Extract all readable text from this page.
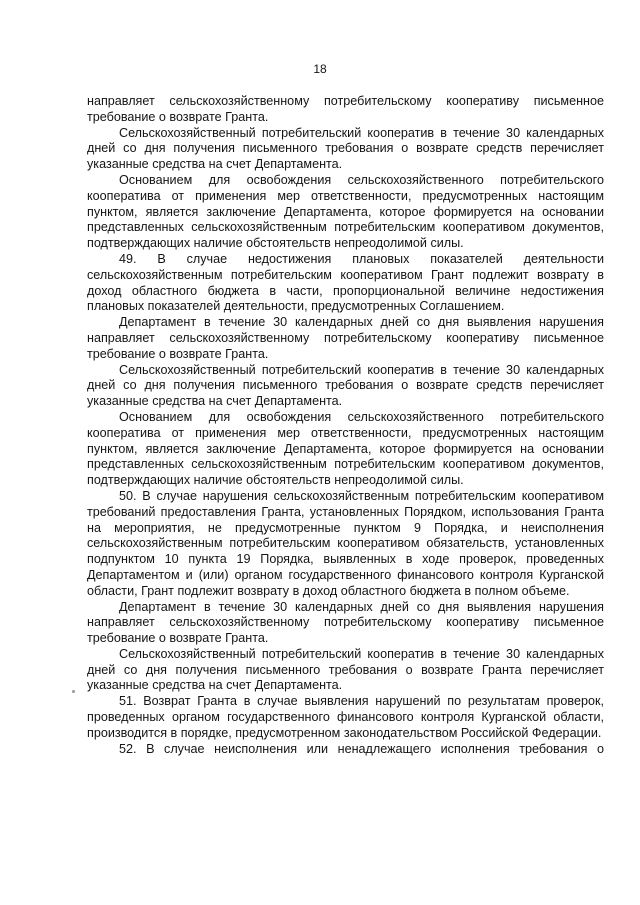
18

направляет сельскохозяйственному потребительскому кооперативу письменное требование о возврате Гранта.

Сельскохозяйственный потребительский кооператив в течение 30 календарных дней со дня получения письменного требования о возврате средств перечисляет указанные средства на счет Департамента.

Основанием для освобождения сельскохозяйственного потребительского кооператива от применения мер ответственности, предусмотренных настоящим пунктом, является заключение Департамента, которое формируется на основании представленных сельскохозяйственным потребительским кооперативом документов, подтверждающих наличие обстоятельств непреодолимой силы.

49. В случае недостижения плановых показателей деятельности сельскохозяйственным потребительским кооперативом Грант подлежит возврату в доход областного бюджета в части, пропорциональной величине недостижения плановых показателей деятельности, предусмотренных Соглашением.

Департамент в течение 30 календарных дней со дня выявления нарушения направляет сельскохозяйственному потребительскому кооперативу письменное требование о возврате Гранта.

Сельскохозяйственный потребительский кооператив в течение 30 календарных дней со дня получения письменного требования о возврате средств перечисляет указанные средства на счет Департамента.

Основанием для освобождения сельскохозяйственного потребительского кооператива от применения мер ответственности, предусмотренных настоящим пунктом, является заключение Департамента, которое формируется на основании представленных сельскохозяйственным потребительским кооперативом документов, подтверждающих наличие обстоятельств непреодолимой силы.

50. В случае нарушения сельскохозяйственным потребительским кооперативом требований предоставления Гранта, установленных Порядком, использования Гранта на мероприятия, не предусмотренные пунктом 9 Порядка, и неисполнения сельскохозяйственным потребительским кооперативом обязательств, установленных подпунктом 10 пункта 19 Порядка, выявленных в ходе проверок, проведенных Департаментом и (или) органом государственного финансового контроля Курганской области, Грант подлежит возврату в доход областного бюджета в полном объеме.

Департамент в течение 30 календарных дней со дня выявления нарушения направляет сельскохозяйственному потребительскому кооперативу письменное требование о возврате Гранта.

Сельскохозяйственный потребительский кооператив в течение 30 календарных дней со дня получения письменного требования о возврате Гранта перечисляет указанные средства на счет Департамента.

51. Возврат Гранта в случае выявления нарушений по результатам проверок, проведенных органом государственного финансового контроля Курганской области, производится в порядке, предусмотренном законодательством Российской Федерации.

52. В случае неисполнения или ненадлежащего исполнения требования о
